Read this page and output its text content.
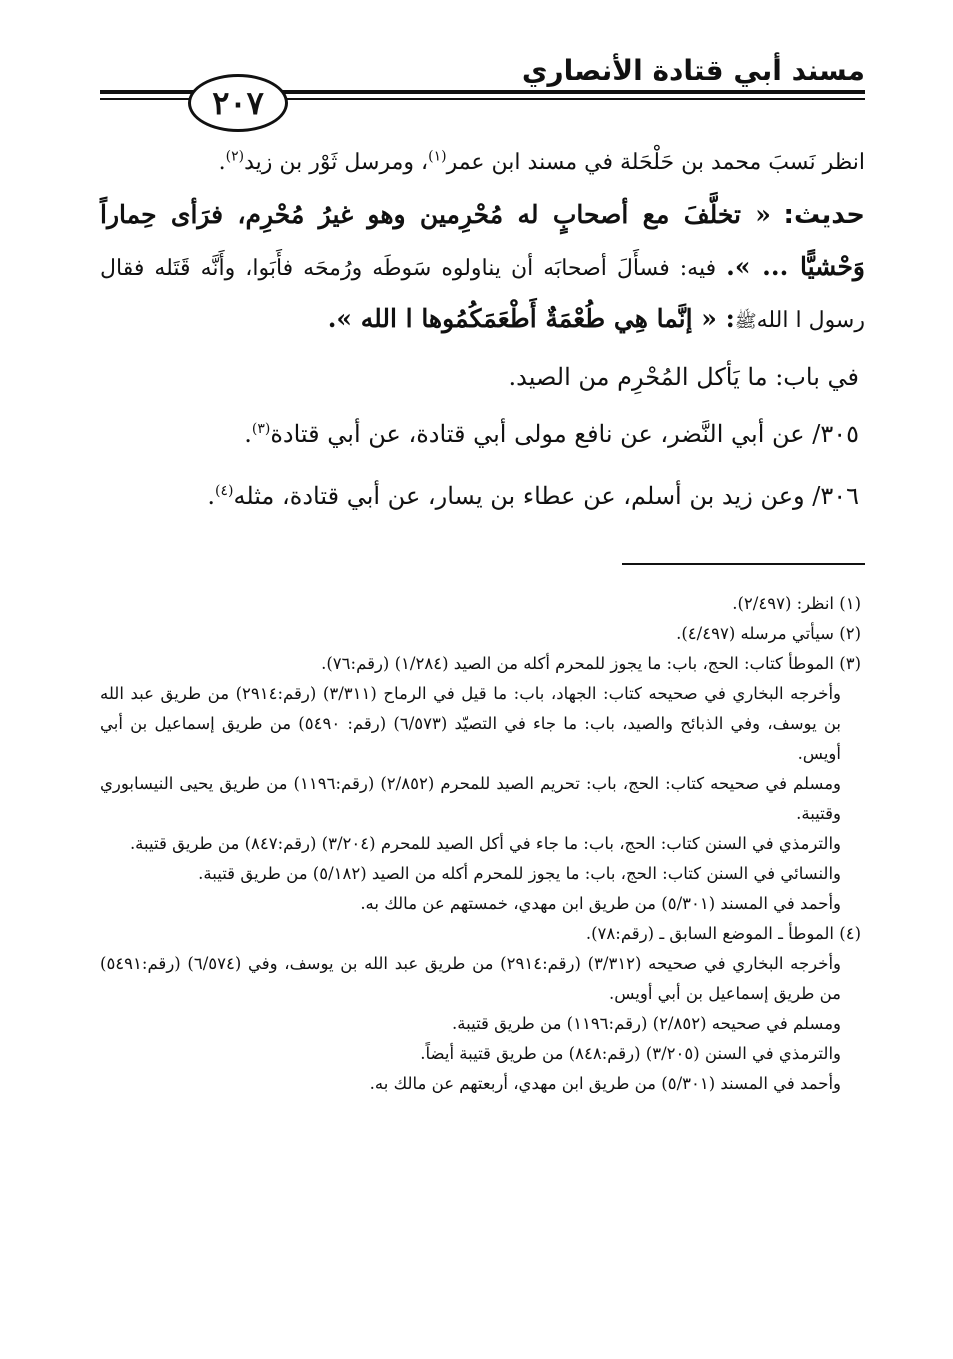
مسند أبي قتادة الأنصاري
٢٠٧

انظر نَسبَ محمد بن حَلْحَلة في مسند ابن عمر$^{(١)}$، ومرسل ثَوْر بن زيد$^{(٢)}$.

حديث: « تخلَّفَ مع أصحابٍ له مُحْرِمين وهو غيرُ مُحْرِم، فرَأى حِماراً وَحْشيًّا ... ». فيه: فسأَلَ أصحابَه أن يناولوه سَوطَه ورُمحَه فأَبَوا، وأَنَّه قَتَله فقال رسول ا اللهﷺ: « إنَّما هِي طُعْمَةٌ أَطْعَمَكُمُوها ا الله ».

في باب: ما يَأكل المُحْرِم من الصيد.

٣٠٥/ عن أبي النَّضر، عن نافع مولى أبي قتادة، عن أبي قتادة$^{(٣)}$.

٣٠٦/ وعن زيد بن أسلم، عن عطاء بن يسار، عن أبي قتادة، مثله$^{(٤)}$.

(١) انظر: (٢/٤٩٧).

(٢) سيأتي مرسله (٤/٤٩٧).

(٣) الموطأ كتاب: الحج، باب: ما يجوز للمحرم أكله من الصيد (١/٢٨٤) (رقم:٧٦).

وأخرجه البخاري في صحيحه كتاب: الجهاد، باب: ما قيل في الرماح (٣/٣١١) (رقم:٢٩١٤) من طريق عبد الله بن يوسف، وفي الذبائح والصيد، باب: ما جاء في التصيّد (٦/٥٧٣) (رقم: ٥٤٩٠) من طريق إسماعيل بن أبي أويس.

ومسلم في صحيحه كتاب: الحج، باب: تحريم الصيد للمحرم (٢/٨٥٢) (رقم:١١٩٦) من طريق يحيى النيسابوري وقتيبة.

والترمذي في السنن كتاب: الحج، باب: ما جاء في أكل الصيد للمحرم (٣/٢٠٤) (رقم:٨٤٧) من طريق قتيبة.

والنسائي في السنن كتاب: الحج، باب: ما يجوز للمحرم أكله من الصيد (٥/١٨٢) من طريق قتيبة.

وأحمد في المسند (٥/٣٠١) من طريق ابن مهدي، خمستهم عن مالك به.

(٤) الموطأ ـ الموضع السابق ـ (رقم:٧٨).

وأخرجه البخاري في صحيحه (٣/٣١٢) (رقم:٢٩١٤) من طريق عبد الله بن يوسف، وفي (٦/٥٧٤) (رقم:٥٤٩١) من طريق إسماعيل بن أبي أويس.

ومسلم في صحيحه (٢/٨٥٢) (رقم:١١٩٦) من طريق قتيبة.

والترمذي في السنن (٣/٢٠٥) (رقم:٨٤٨) من طريق قتيبة أيضاً.

وأحمد في المسند (٥/٣٠١) من طريق ابن مهدي، أربعتهم عن مالك به.
